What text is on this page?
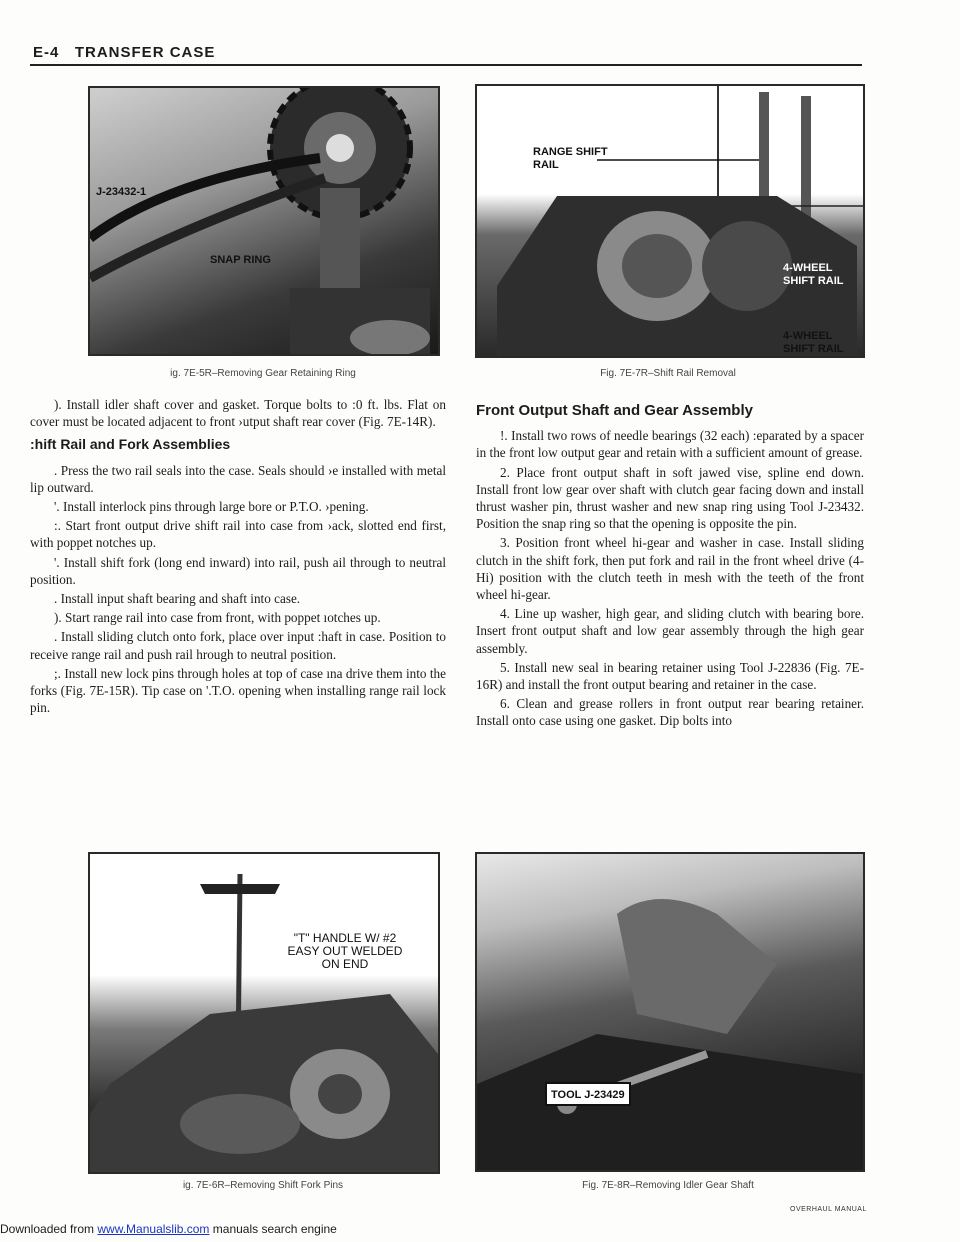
E-4 TRANSFER CASE
J-23432-1
SNAP RING
ig. 7E-5R–Removing Gear Retaining Ring
RANGE SHIFT RAIL
4-WHEEL SHIFT RAIL
4-WHEEL SHIFT RAIL
Fig. 7E-7R–Shift Rail Removal

). Install idler shaft cover and gasket. Torque bolts to :0 ft. lbs. Flat on cover must be located adjacent to front ›utput shaft rear cover (Fig. 7E-14R).

:hift Rail and Fork Assemblies

. Press the two rail seals into the case. Seals should ›e installed with metal lip outward.

'. Install interlock pins through large bore or P.T.O. ›pening.

:. Start front output drive shift rail into case from ›ack, slotted end first, with poppet notches up.

'. Install shift fork (long end inward) into rail, push ail through to neutral position.

. Install input shaft bearing and shaft into case.

). Start range rail into case from front, with poppet ıotches up.

. Install sliding clutch onto fork, place over input :haft in case. Position to receive range rail and push rail hrough to neutral position.

;. Install new lock pins through holes at top of case ına drive them into the forks (Fig. 7E-15R). Tip case on '.T.O. opening when installing range rail lock pin.

Front Output Shaft and Gear Assembly

!. Install two rows of needle bearings (32 each) :eparated by a spacer in the front low output gear and retain with a sufficient amount of grease.

2. Place front output shaft in soft jawed vise, spline end down. Install front low gear over shaft with clutch gear facing down and install thrust washer pin, thrust washer and new snap ring using Tool J-23432. Position the snap ring so that the opening is opposite the pin.

3. Position front wheel hi-gear and washer in case. Install sliding clutch in the shift fork, then put fork and rail in the front wheel drive (4-Hi) position with the clutch teeth in mesh with the teeth of the front wheel hi-gear.

4. Line up washer, high gear, and sliding clutch with bearing bore. Insert front output shaft and low gear assembly through the high gear assembly.

5. Install new seal in bearing retainer using Tool J-22836 (Fig. 7E-16R) and install the front output bearing and retainer in the case.

6. Clean and grease rollers in front output rear bearing retainer. Install onto case using one gasket. Dip bolts into

"T" HANDLE W/ #2 EASY OUT WELDED ON END
ig. 7E-6R–Removing Shift Fork Pins
TOOL J-23429
Fig. 7E-8R–Removing Idler Gear Shaft
OVERHAUL MANUAL
Downloaded from www.Manualslib.com manuals search engine
